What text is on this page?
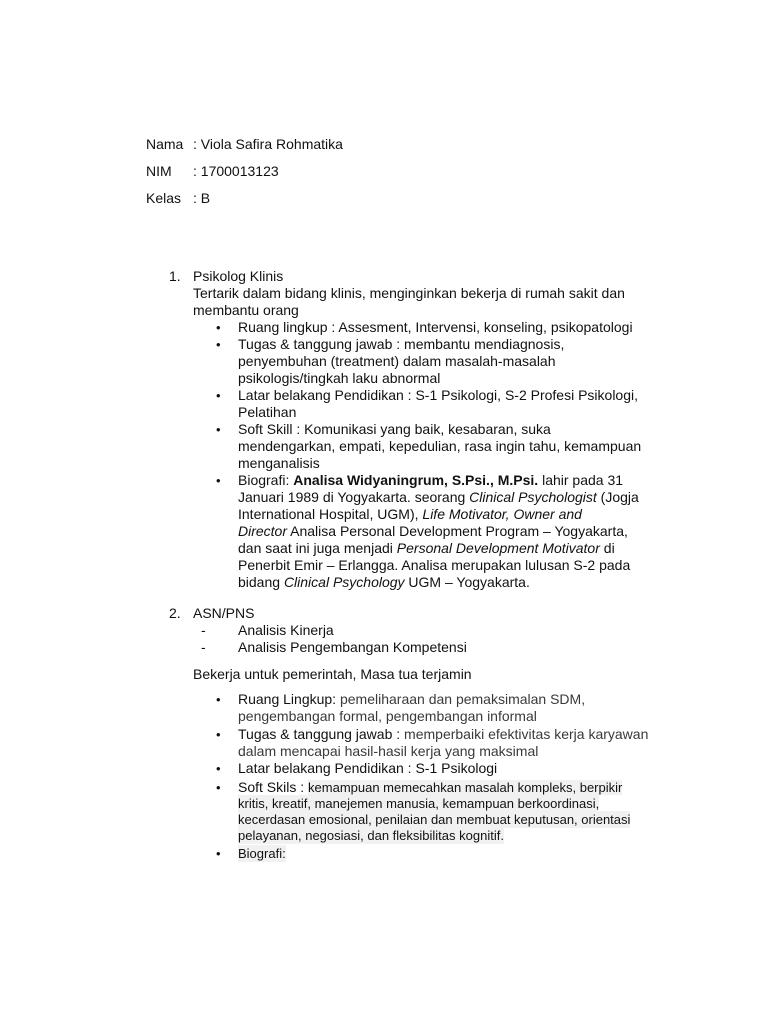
Nama : Viola Safira Rohmatika
NIM : 1700013123
Kelas : B
1. Psikolog Klinis
Tertarik dalam bidang klinis, menginginkan bekerja di rumah sakit dan
membantu orang
• Ruang lingkup : Assesment, Intervensi, konseling, psikopatologi
• Tugas & tanggung jawab : membantu mendiagnosis,
penyembuhan (treatment) dalam masalah-masalah
psikologis/tingkah laku abnormal
• Latar belakang Pendidikan : S-1 Psikologi, S-2 Profesi Psikologi,
Pelatihan
• Soft Skill : Komunikasi yang baik, kesabaran, suka
mendengarkan, empati, kepedulian, rasa ingin tahu, kemampuan
menganalisis
• Biografi: Analisa Widyaningrum, S.Psi., M.Psi. lahir pada 31
Januari 1989 di Yogyakarta. seorang Clinical Psychologist (Jogja
International Hospital, UGM), Life Motivator, Owner and
Director Analisa Personal Development Program – Yogyakarta,
dan saat ini juga menjadi Personal Development Motivator di
Penerbit Emir – Erlangga. Analisa merupakan lulusan S-2 pada
bidang Clinical Psychology UGM – Yogyakarta.
2. ASN/PNS
- Analisis Kinerja
- Analisis Pengembangan Kompetensi
Bekerja untuk pemerintah, Masa tua terjamin
• Ruang Lingkup: pemeliharaan dan pemaksimalan SDM,
pengembangan formal, pengembangan informal
• Tugas & tanggung jawab : memperbaiki efektivitas kerja karyawan
dalam mencapai hasil-hasil kerja yang maksimal
• Latar belakang Pendidikan : S-1 Psikologi
• Soft Skils : kemampuan memecahkan masalah kompleks, berpikir
kritis, kreatif, manejemen manusia, kemampuan berkoordinasi,
kecerdasan emosional, penilaian dan membuat keputusan, orientasi
pelayanan, negosiasi, dan fleksibilitas kognitif.
• Biografi:
